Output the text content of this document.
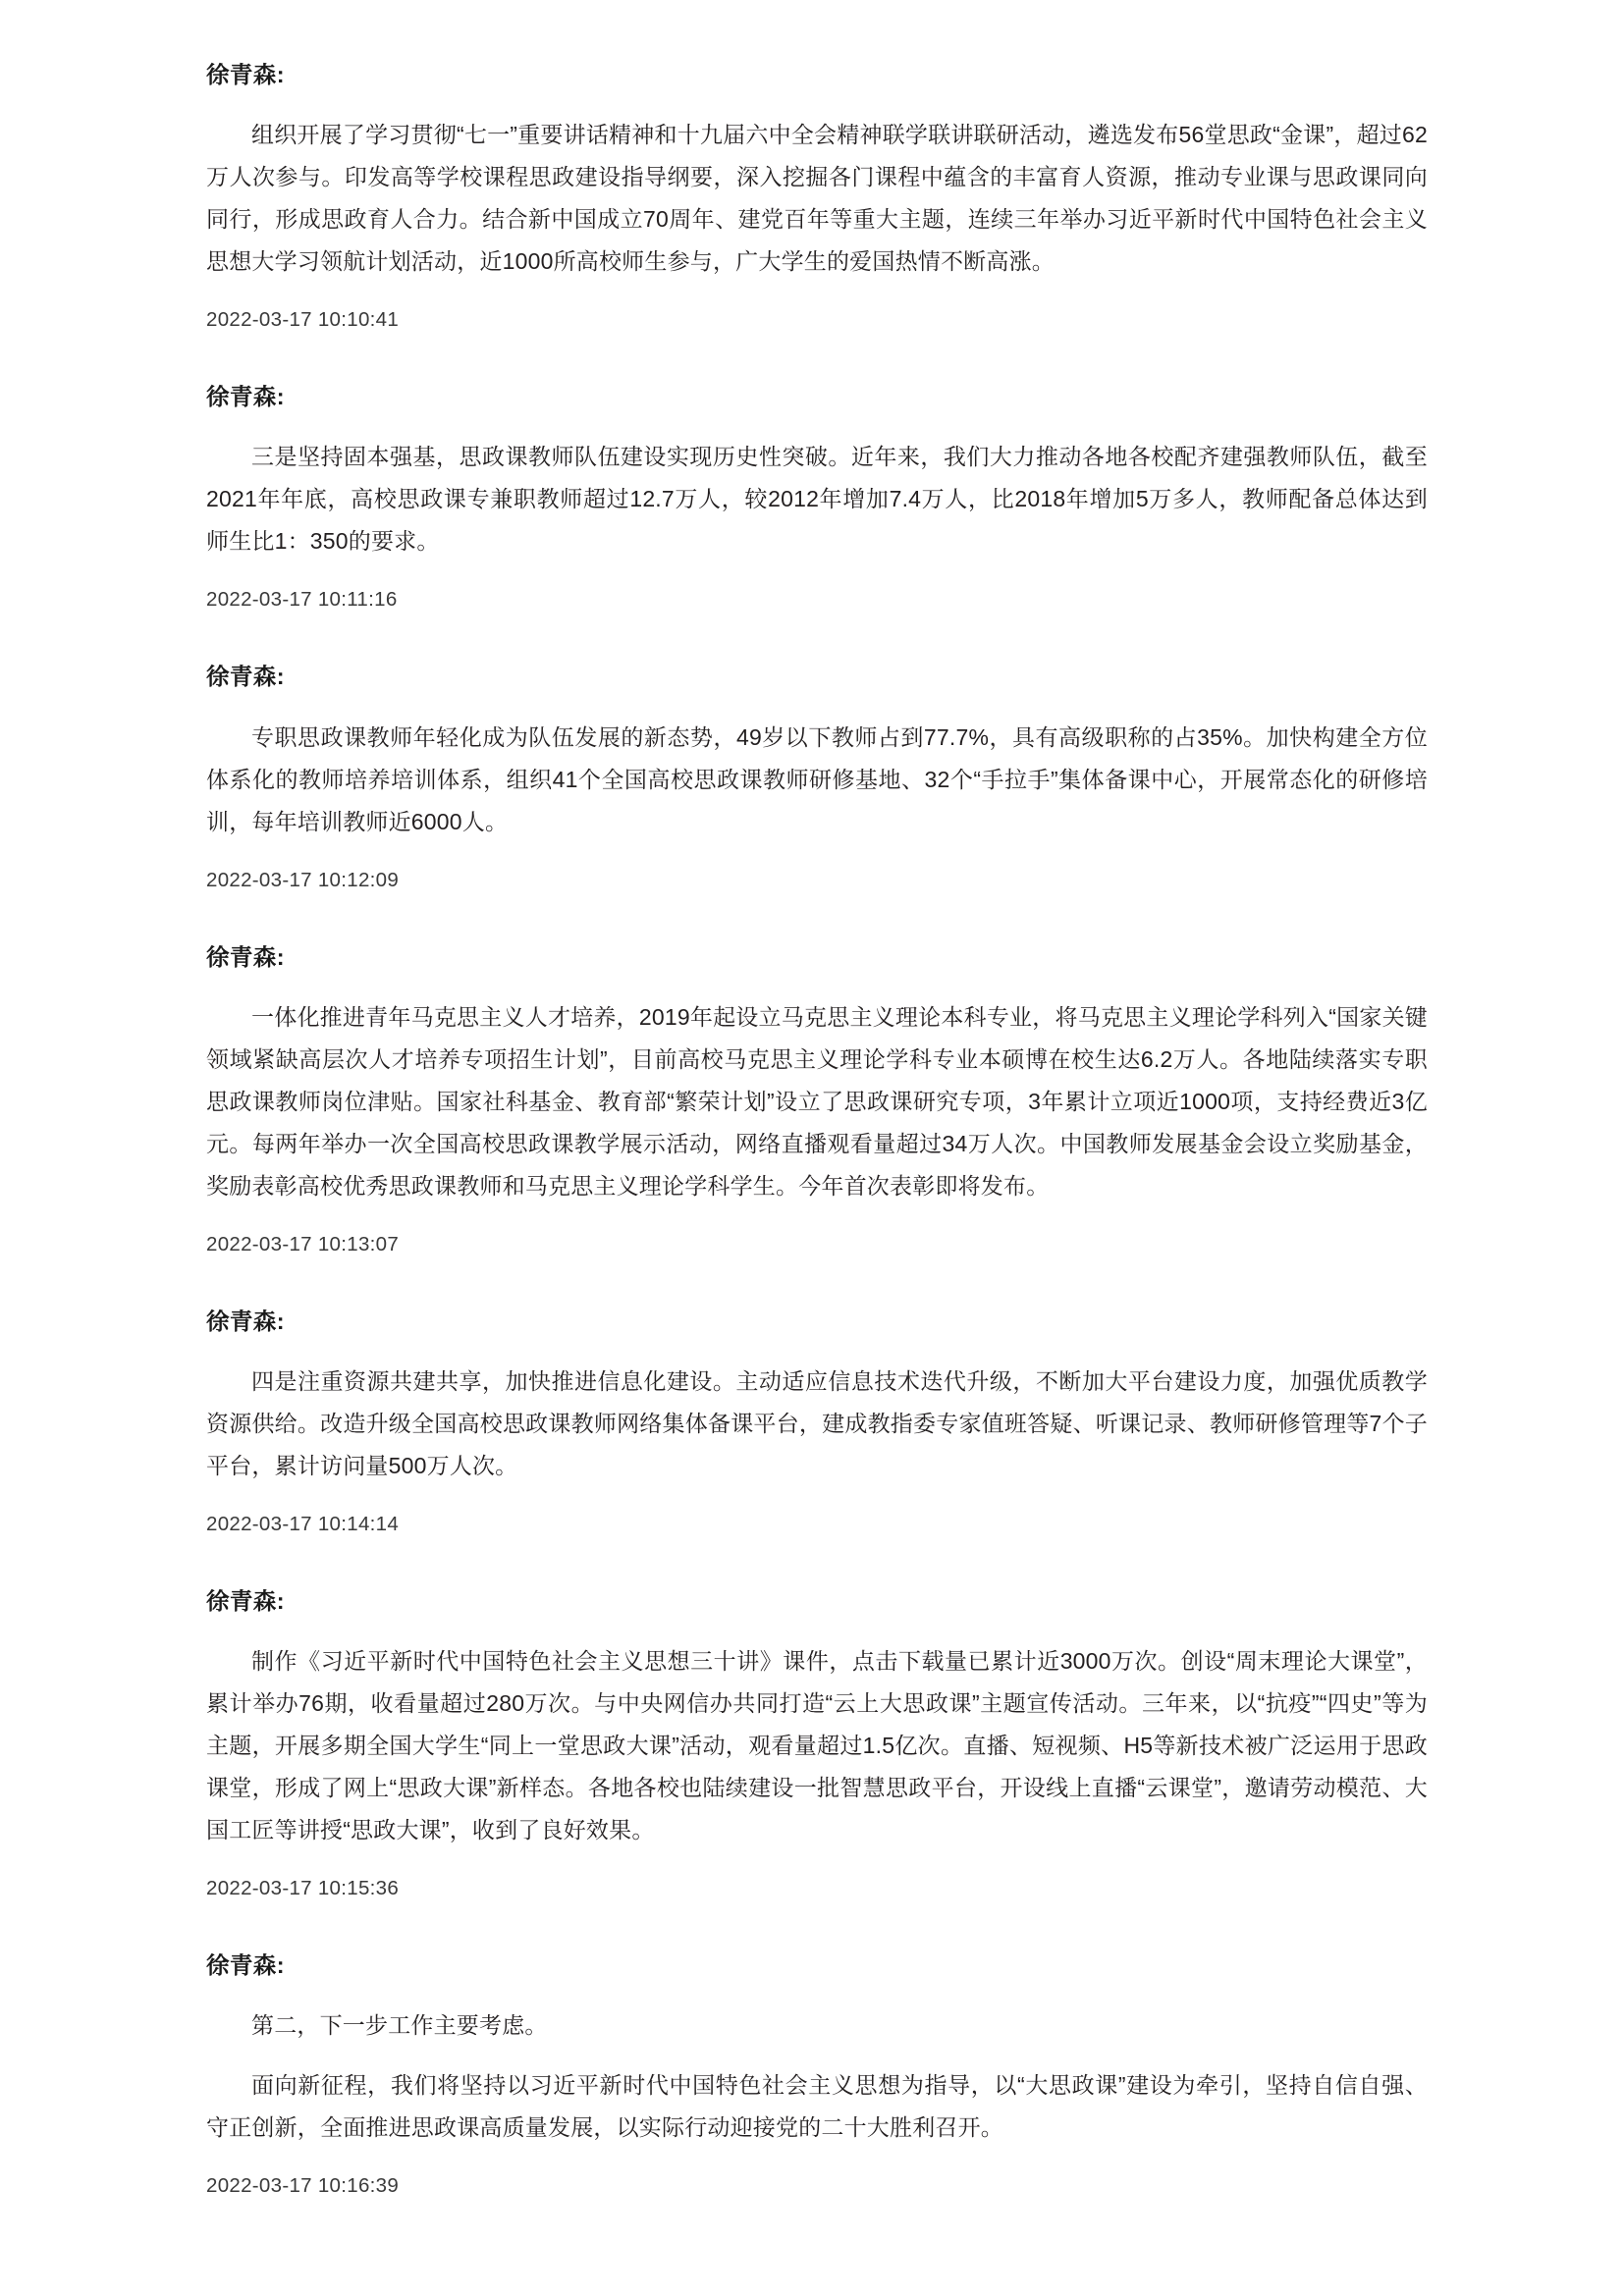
徐青森:

组织开展了学习贯彻“七一”重要讲话精神和十九届六中全会精神联学联讲联研活动，遴选发布56堂思政“金课”，超过62万人次参与。印发高等学校课程思政建设指导纲要，深入挖掘各门课程中蕴含的丰富育人资源，推动专业课与思政课同向同行，形成思政育人合力。结合新中国成立70周年、建党百年等重大主题，连续三年举办习近平新时代中国特色社会主义思想大学习领航计划活动，近1000所高校师生参与，广大学生的爱国热情不断高涨。

2022-03-17 10:10:41
徐青森:

三是坚持固本强基，思政课教师队伍建设实现历史性突破。近年来，我们大力推动各地各校配齐建强教师队伍，截至2021年年底，高校思政课专兼职教师超过12.7万人，较2012年增加7.4万人，比2018年增加5万多人，教师配备总体达到师生比1：350的要求。

2022-03-17 10:11:16
徐青森:

专职思政课教师年轻化成为队伍发展的新态势，49岁以下教师占到77.7%，具有高级职称的占35%。加快构建全方位体系化的教师培养培训体系，组织41个全国高校思政课教师研修基地、32个“手拉手”集体备课中心，开展常态化的研修培训，每年培训教师近6000人。

2022-03-17 10:12:09
徐青森:

一体化推进青年马克思主义人才培养，2019年起设立马克思主义理论本科专业，将马克思主义理论学科列入“国家关键领域紧缺高层次人才培养专项招生计划”，目前高校马克思主义理论学科专业本硕博在校生达6.2万人。各地陆续落实专职思政课教师岗位津贴。国家社科基金、教育部“繁荣计划”设立了思政课研究专项，3年累计立项近1000项，支持经费近3亿元。每两年举办一次全国高校思政课教学展示活动，网络直播观看量超过34万人次。中国教师发展基金会设立奖励基金，奖励表彰高校优秀思政课教师和马克思主义理论学科学生。今年首次表彰即将发布。

2022-03-17 10:13:07
徐青森:

四是注重资源共建共享，加快推进信息化建设。主动适应信息技术迭代升级，不断加大平台建设力度，加强优质教学资源供给。改造升级全国高校思政课教师网络集体备课平台，建成教指委专家值班答疑、听课记录、教师研修管理等7个子平台，累计访问量500万人次。

2022-03-17 10:14:14
徐青森:

制作《习近平新时代中国特色社会主义思想三十讲》课件，点击下载量已累计近3000万次。创设“周末理论大课堂”，累计举办76期，收看量超过280万次。与中央网信办共同打造“云上大思政课”主题宣传活动。三年来，以“抗疫”“四史”等为主题，开展多期全国大学生“同上一堂思政大课”活动，观看量超过1.5亿次。直播、短视频、H5等新技术被广泛运用于思政课堂，形成了网上“思政大课”新样态。各地各校也陆续建设一批智慧思政平台，开设线上直播“云课堂”，邀请劳动模范、大国工匠等讲授“思政大课”，收到了良好效果。

2022-03-17 10:15:36
徐青森:

第二，下一步工作主要考虑。

面向新征程，我们将坚持以习近平新时代中国特色社会主义思想为指导，以“大思政课”建设为牵引，坚持自信自强、守正创新，全面推进思政课高质量发展，以实际行动迎接党的二十大胜利召开。

2022-03-17 10:16:39
